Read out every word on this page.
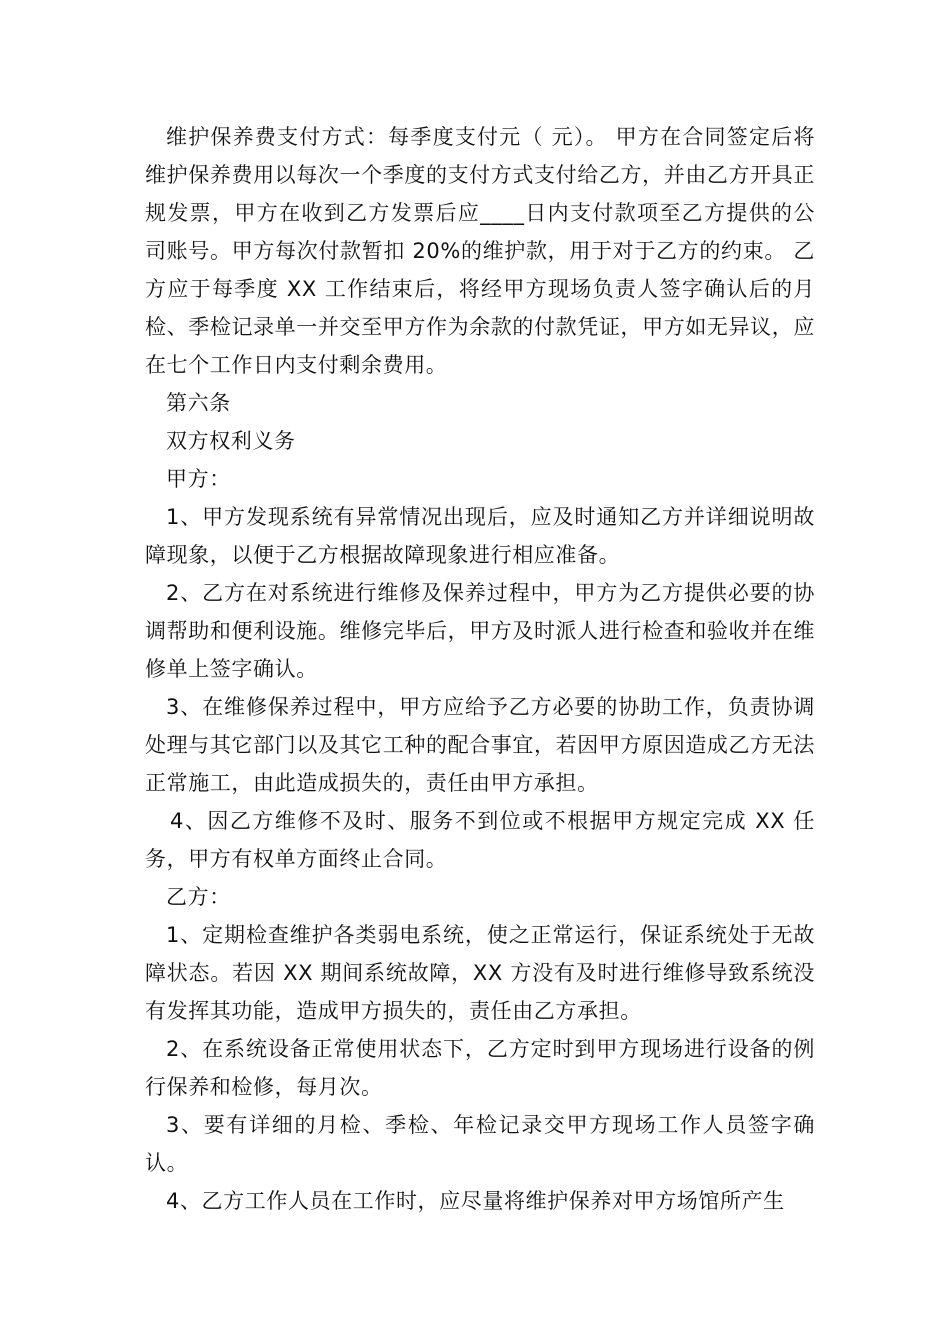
维护保养费支付方式：每季度支付元（ 元）。 甲方在合同签定后将维护保养费用以每次一个季度的支付方式支付给乙方，并由乙方开具正规发票，甲方在收到乙方发票后应____日内支付款项至乙方提供的公司账号。甲方每次付款暂扣 20%的维护款，用于对于乙方的约束。 乙方应于每季度 XX 工作结束后，将经甲方现场负责人签字确认后的月检、季检记录单一并交至甲方作为余款的付款凭证，甲方如无异议，应在七个工作日内支付剩余费用。

第六条

双方权利义务

甲方：

1、甲方发现系统有异常情况出现后，应及时通知乙方并详细说明故障现象，以便于乙方根据故障现象进行相应准备。

2、乙方在对系统进行维修及保养过程中，甲方为乙方提供必要的协调帮助和便利设施。维修完毕后，甲方及时派人进行检查和验收并在维修单上签字确认。

3、在维修保养过程中，甲方应给予乙方必要的协助工作，负责协调处理与其它部门以及其它工种的配合事宜，若因甲方原因造成乙方无法正常施工，由此造成损失的，责任由甲方承担。

4、因乙方维修不及时、服务不到位或不根据甲方规定完成 XX 任务，甲方有权单方面终止合同。

乙方：

1、定期检查维护各类弱电系统，使之正常运行，保证系统处于无故障状态。若因 XX 期间系统故障，XX 方没有及时进行维修导致系统没有发挥其功能，造成甲方损失的，责任由乙方承担。

2、在系统设备正常使用状态下，乙方定时到甲方现场进行设备的例行保养和检修，每月次。

3、要有详细的月检、季检、年检记录交甲方现场工作人员签字确认。

4、乙方工作人员在工作时，应尽量将维护保养对甲方场馆所产生
